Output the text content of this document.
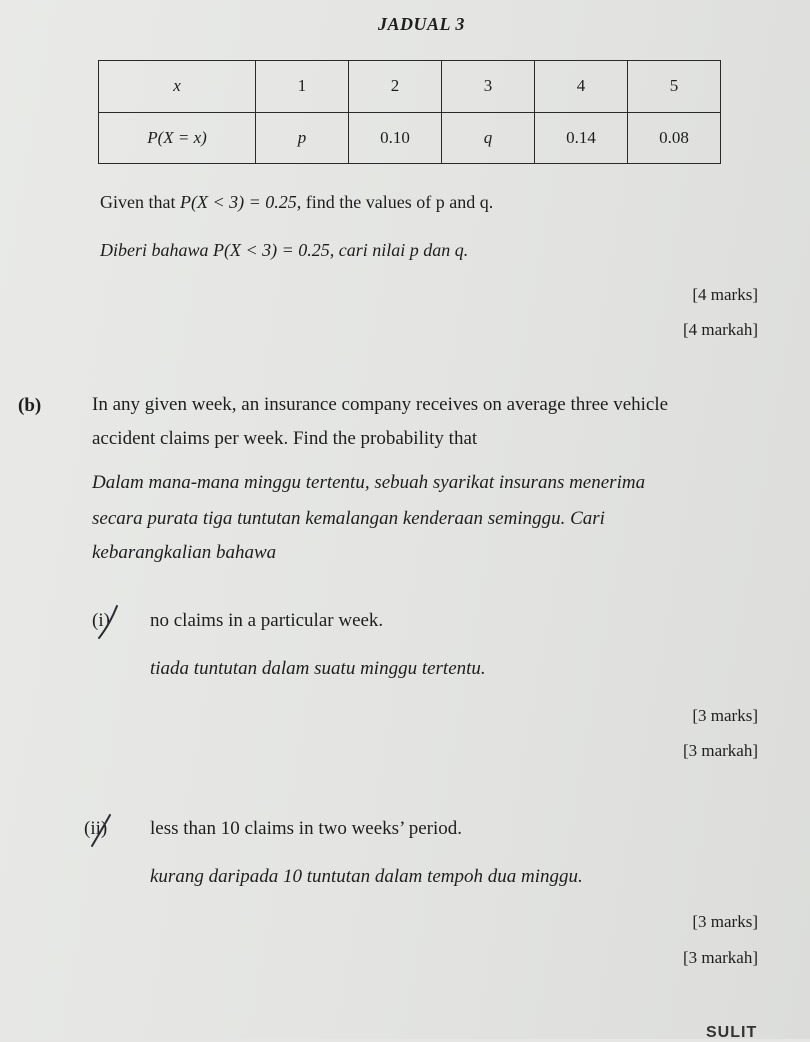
JADUAL 3
x	1	2	3	4	5
P(X = x)	p	0.10	q	0.14	0.08
Given that P(X < 3) = 0.25, find the values of p and q.
Diberi bahawa P(X < 3) = 0.25, cari nilai p dan q.
[4 marks]
[4 markah]
(b)	In any given week, an insurance company receives on average three vehicle
accident claims per week. Find the probability that
Dalam mana-mana minggu tertentu, sebuah syarikat insurans menerima
secara purata tiga tuntutan kemalangan kenderaan seminggu. Cari
kebarangkalian bahawa
(i) no claims in a particular week.
tiada tuntutan dalam suatu minggu tertentu.
[3 marks]
[3 markah]
(ii) less than 10 claims in two weeks’ period.
kurang daripada 10 tuntutan dalam tempoh dua minggu.
[3 marks]
[3 markah]
SULIT
